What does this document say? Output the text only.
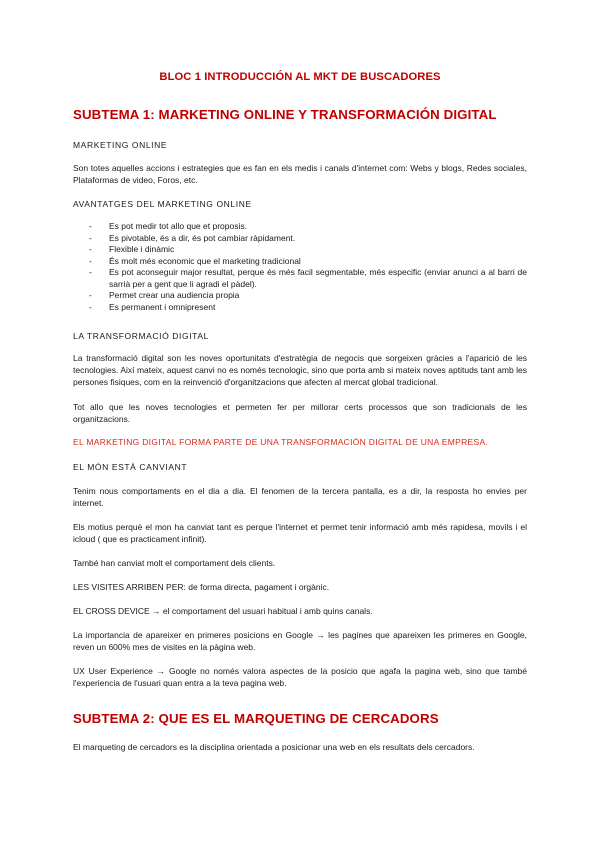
BLOC 1 INTRODUCCIÓN AL MKT DE BUSCADORES
SUBTEMA 1: MARKETING ONLINE Y TRANSFORMACIÓN DIGITAL
MARKETING ONLINE
Son totes aquelles accions i estrategies que es fan en els medis i canals d'internet com: Webs y blogs, Redes sociales, Plataformas de video, Foros, etc.
AVANTATGES DEL MARKETING ONLINE
- Es pot medir tot allo que et proposis.
- Es pivotable, és a dir, és pot cambiar ràpidament.
- Flexible i dinàmic
- És molt més economic que el marketing tradicional
- Es pot aconseguir major resultat, perque és més facil segmentable, més especific (enviar anunci a al barri de sarrià per a gent que li agradi el pàdel).
- Permet crear una audiencia propia
- Es permanent i omnipresent
LA TRANSFORMACIÓ DIGITAL
La transformació digital son les noves oportunitats d'estratègia de negocis que sorgeixen gràcies a l'aparició de les tecnologies. Així mateix, aquest canvi no es només tecnologic, sino que porta amb si mateix noves aptituds tant amb les persones fisiques, com en la reinvenció d'organitzacions que afecten al mercat global tradicional.
Tot allo que les noves tecnologies et permeten fer per millorar certs processos que son tradicionals de les organitzacions.
EL MARKETING DIGITAL FORMA PARTE DE UNA TRANSFORMACIÓN DIGITAL DE UNA EMPRESA.
EL MÓN ESTÀ CANVIANT
Tenim nous comportaments en el dia a dia. El fenomen de la tercera pantalla, es a dir, la resposta ho envies per internet.
Els motius perquè el mon ha canviat tant es perque l'internet et permet tenir informació amb més rapidesa, movils i el icloud ( que es practicament infinit).
També han canviat molt el comportament dels clients.
LES VISITES ARRIBEN PER: de forma directa, pagament i orgànic.
EL CROSS DEVICE → el comportament del usuari habitual i amb quins canals.
La importancia de apareixer en primeres posicions en Google → les pagines que apareixen les primeres en Google, reven un 600% mes de visites en la pàgina web.
UX User Experience → Google no només valora aspectes de la posicio que agafa la pagina web, sino que també l'experiencia de l'usuari quan entra a la teva pagina web.
SUBTEMA 2: QUE ES EL MARQUETING DE CERCADORS
El marqueting de cercadors es la disciplina orientada a posicionar una web en els resultats dels cercadors.
